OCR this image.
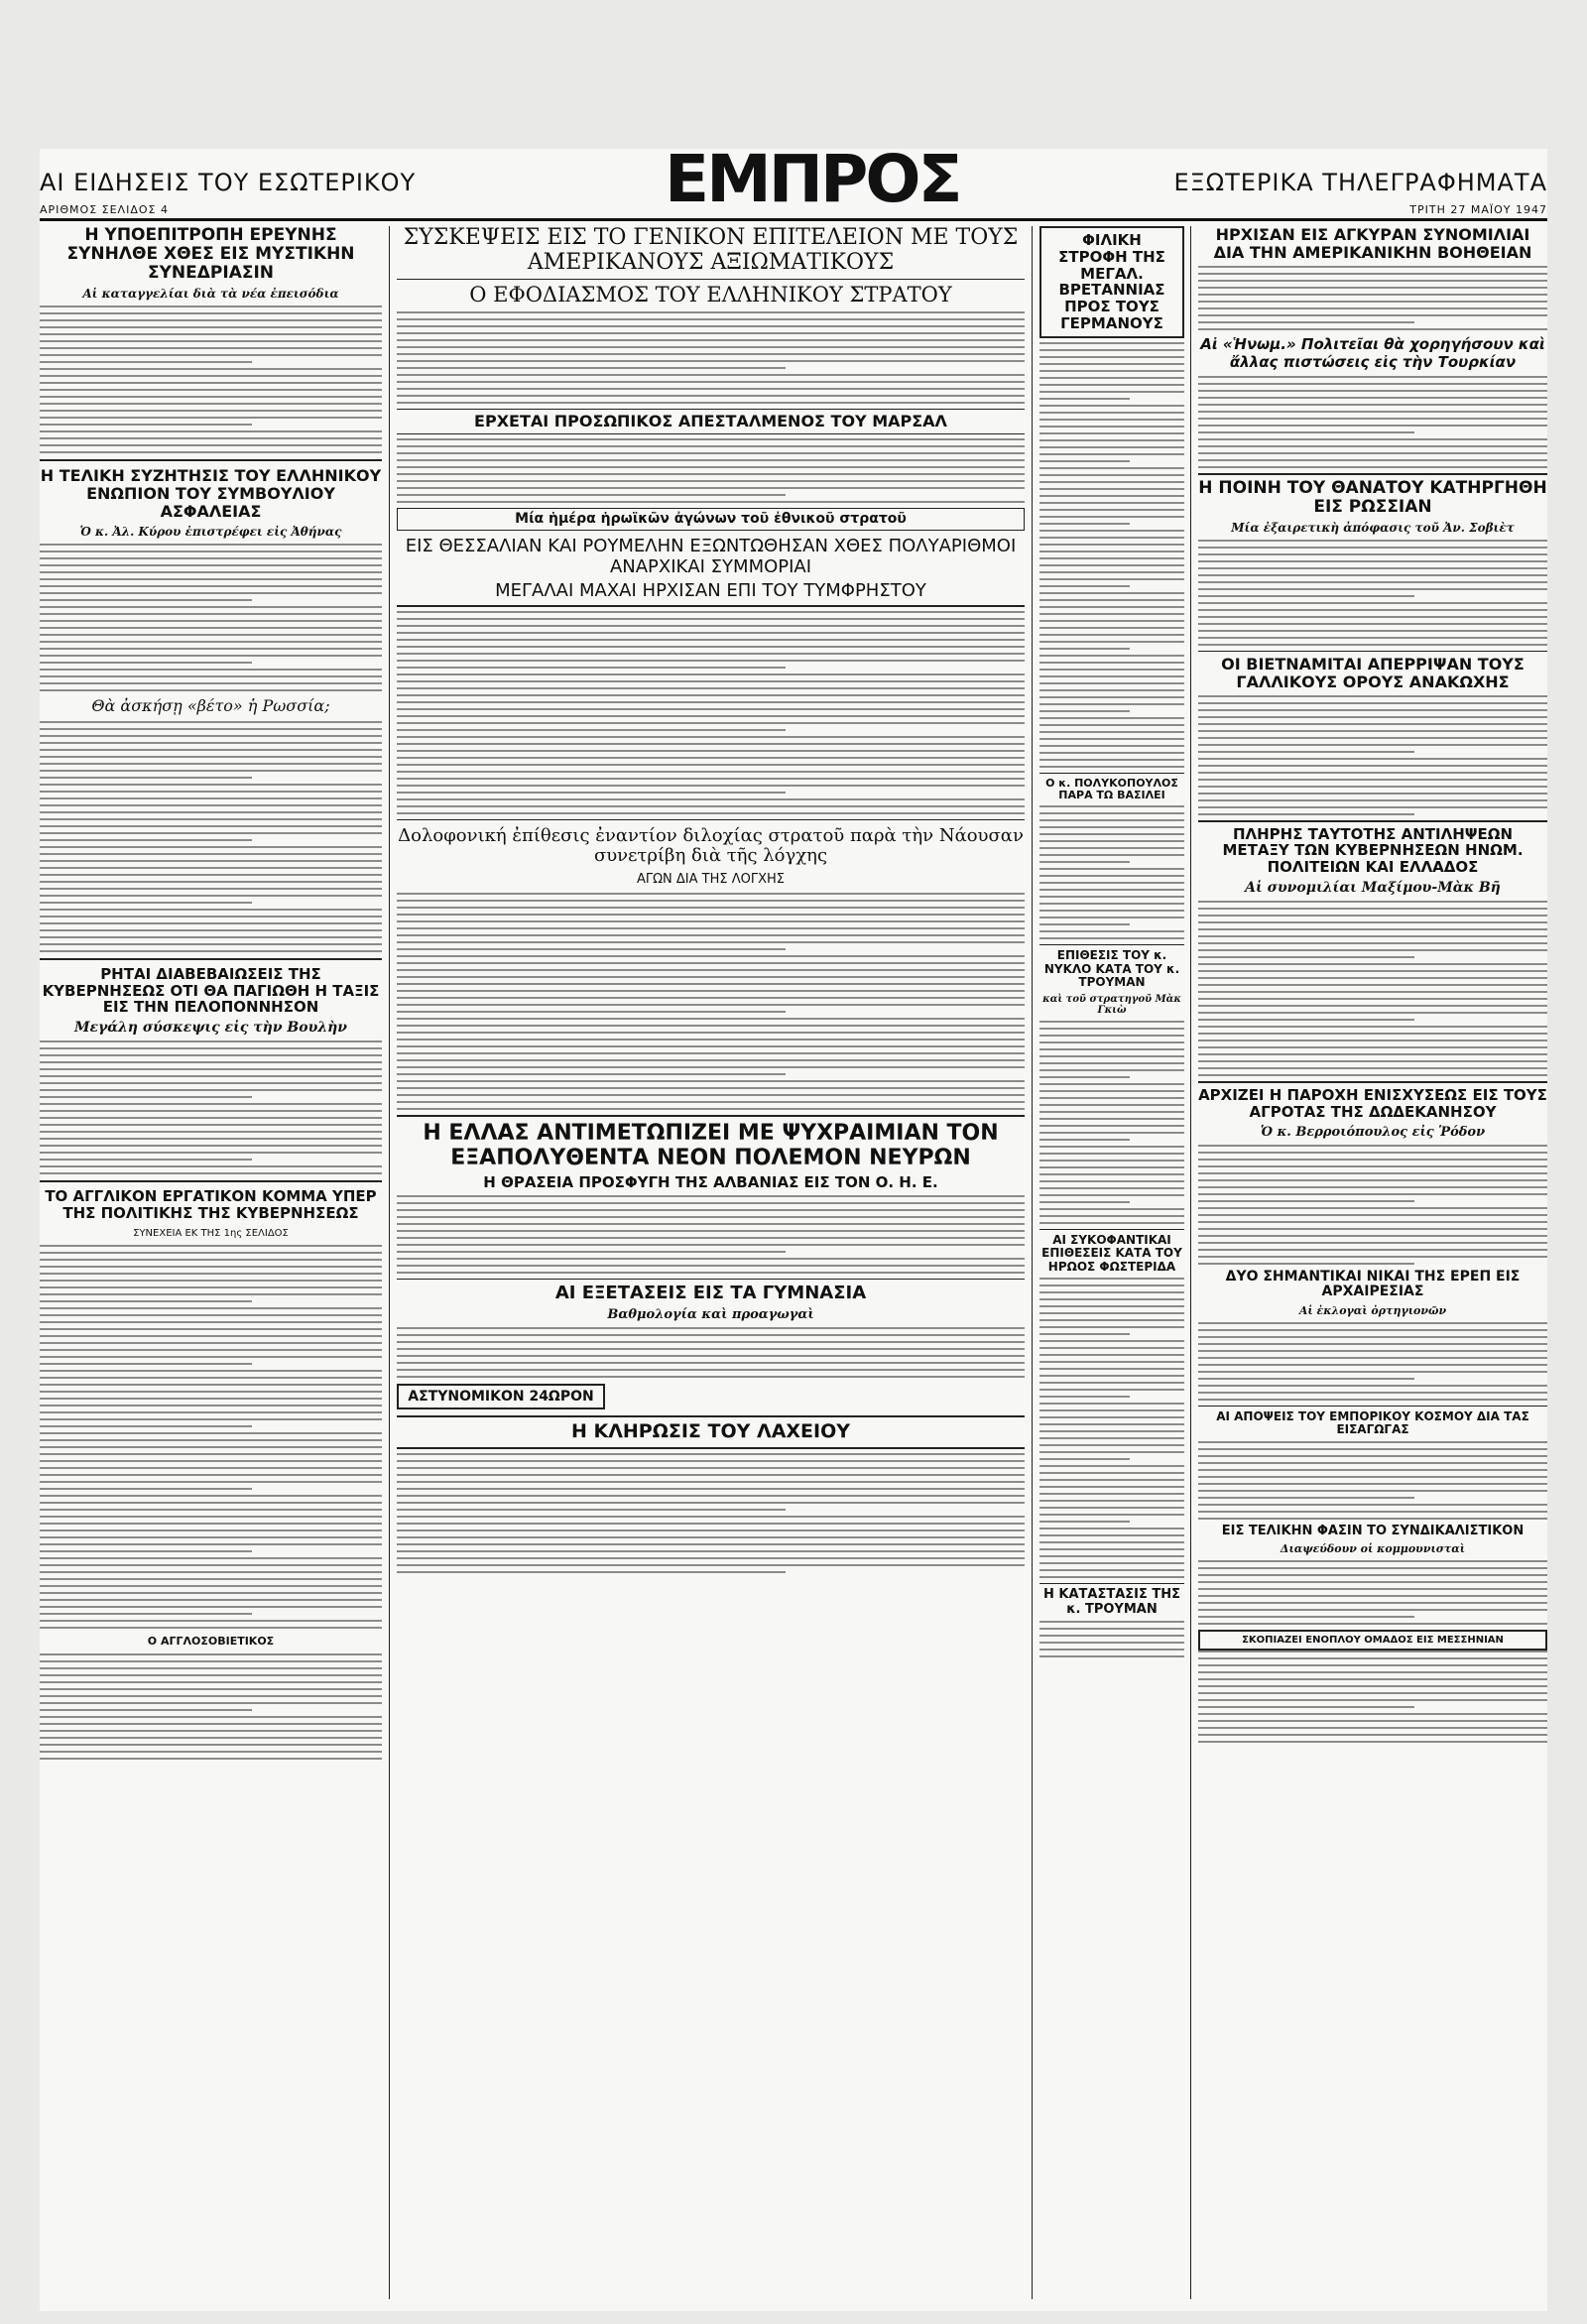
ΑΙ ΕΙΔΗΣΕΙΣ ΤΟΥ ΕΣΩΤΕΡΙΚΟΥ	ΕΜΠΡΟΣ	ΕΞΩΤΕΡΙΚΑ ΤΗΛΕΓΡΑΦΗΜΑΤΑ
ΑΡΙΘΜΟΣ ΣΕΛΙΔΟΣ 4	ΤΡΙΤΗ 27 ΜΑΪΟΥ 1947
Η ΥΠΟΕΠΙΤΡΟΠΗ ΕΡΕΥΝΗΣ ΣΥΝΗΛΘΕ ΧΘΕΣ ΕΙΣ ΜΥΣΤΙΚΗΝ ΣΥΝΕΔΡΙΑΣΙΝ
Αἱ καταγγελίαι διὰ τὰ νέα ἐπεισόδια
Η ΤΕΛΙΚΗ ΣΥΖΗΤΗΣΙΣ ΤΟΥ ΕΛΛΗΝΙΚΟΥ ΕΝΩΠΙΟΝ ΤΟΥ ΣΥΜΒΟΥΛΙΟΥ ΑΣΦΑΛΕΙΑΣ
Ὁ κ. Ἀλ. Κύρου ἐπιστρέφει εἰς Ἀθήνας
Θὰ ἀσκήσῃ «βέτο» ἡ Ρωσσία;
ΡΗΤΑΙ ΔΙΑΒΕΒΑΙΩΣΕΙΣ ΤΗΣ ΚΥΒΕΡΝΗΣΕΩΣ ΟΤΙ ΘΑ ΠΑΓΙΩΘΗ Η ΤΑΞΙΣ ΕΙΣ ΤΗΝ ΠΕΛΟΠΟΝΝΗΣΟΝ
Μεγάλη σύσκεψις εἰς τὴν Βουλὴν
ΤΟ ΑΓΓΛΙΚΟΝ ΕΡΓΑΤΙΚΟΝ ΚΟΜΜΑ ΥΠΕΡ ΤΗΣ ΠΟΛΙΤΙΚΗΣ ΤΗΣ ΚΥΒΕΡΝΗΣΕΩΣ
ΣΥΝΕΧΕΙΑ ΕΚ ΤΗΣ 1ης ΣΕΛΙΔΟΣ
Ο ΑΓΓΛΟΣΟΒΙΕΤΙΚΟΣ
ΣΥΣΚΕΨΕΙΣ ΕΙΣ ΤΟ ΓΕΝΙΚΟΝ ΕΠΙΤΕΛΕΙΟΝ ΜΕ ΤΟΥΣ ΑΜΕΡΙΚΑΝΟΥΣ ΑΞΙΩΜΑΤΙΚΟΥΣ
Ο ΕΦΟΔΙΑΣΜΟΣ ΤΟΥ ΕΛΛΗΝΙΚΟΥ ΣΤΡΑΤΟΥ
ΕΡΧΕΤΑΙ ΠΡΟΣΩΠΙΚΟΣ ΑΠΕΣΤΑΛΜΕΝΟΣ ΤΟΥ ΜΑΡΣΑΛ
Μία ἡμέρα ἡρωϊκῶν ἀγώνων τοῦ ἐθνικοῦ στρατοῦ
ΕΙΣ ΘΕΣΣΑΛΙΑΝ ΚΑΙ ΡΟΥΜΕΛΗΝ ΕΞΩΝΤΩΘΗΣΑΝ ΧΘΕΣ ΠΟΛΥΑΡΙΘΜΟΙ ΑΝΑΡΧΙΚΑΙ ΣΥΜΜΟΡΙΑΙ
ΜΕΓΑΛΑΙ ΜΑΧΑΙ ΗΡΧΙΣΑΝ ΕΠΙ ΤΟΥ ΤΥΜΦΡΗΣΤΟΥ
Δολοφονική ἐπίθεσις ἐναντίον διλοχίας στρατοῦ παρὰ τὴν Νάουσαν συνετρίβη διὰ τῆς λόγχης
ΑΓΩΝ ΔΙΑ ΤΗΣ ΛΟΓΧΗΣ
Η ΕΛΛΑΣ ΑΝΤΙΜΕΤΩΠΙΖΕΙ ΜΕ ΨΥΧΡΑΙΜΙΑΝ ΤΟΝ ΕΞΑΠΟΛΥΘΕΝΤΑ ΝΕΟΝ ΠΟΛΕΜΟΝ ΝΕΥΡΩΝ
Η ΘΡΑΣΕΙΑ ΠΡΟΣΦΥΓΗ ΤΗΣ ΑΛΒΑΝΙΑΣ ΕΙΣ ΤΟΝ Ο. Η. Ε.
ΑΙ ΕΞΕΤΑΣΕΙΣ ΕΙΣ ΤΑ ΓΥΜΝΑΣΙΑ
Βαθμολογία καὶ προαγωγαὶ
ΑΣΤΥΝΟΜΙΚΟΝ 24ΩΡΟΝ
Η ΚΛΗΡΩΣΙΣ ΤΟΥ ΛΑΧΕΙΟΥ
ΦΙΛΙΚΗ ΣΤΡΟΦΗ ΤΗΣ ΜΕΓΑΛ. ΒΡΕΤΑΝΝΙΑΣ ΠΡΟΣ ΤΟΥΣ ΓΕΡΜΑΝΟΥΣ
Ο κ. ΠΟΛΥΚΟΠΟΥΛΟΣ ΠΑΡΑ ΤΩ ΒΑΣΙΛΕΙ
ΕΠΙΘΕΣΙΣ ΤΟΥ κ. ΝΥΚΛΟ ΚΑΤΑ ΤΟΥ κ. ΤΡΟΥΜΑΝ
καὶ τοῦ στρατηγοῦ Μὰκ Γκιὼ
ΑΙ ΣΥΚΟΦΑΝΤΙΚΑΙ ΕΠΙΘΕΣΕΙΣ ΚΑΤΑ ΤΟΥ ΗΡΩΟΣ ΦΩΣΤΕΡΙΔΑ
Η ΚΑΤΑΣΤΑΣΙΣ ΤΗΣ κ. ΤΡΟΥΜΑΝ
ΗΡΧΙΣΑΝ ΕΙΣ ΑΓΚΥΡΑΝ ΣΥΝΟΜΙΛΙΑΙ ΔΙΑ ΤΗΝ ΑΜΕΡΙΚΑΝΙΚΗΝ ΒΟΗΘΕΙΑΝ
Αἱ «Ἡνωμ.» Πολιτεῖαι θὰ χορηγήσουν καὶ ἄλλας πιστώσεις εἰς τὴν Τουρκίαν
Η ΠΟΙΝΗ ΤΟΥ ΘΑΝΑΤΟΥ ΚΑΤΗΡΓΗΘΗ ΕΙΣ ΡΩΣΣΙΑΝ
Μία ἐξαιρετικὴ ἀπόφασις τοῦ Ἀν. Σοβιὲτ
ΟΙ ΒΙΕΤΝΑΜΙΤΑΙ ΑΠΕΡΡΙΨΑΝ ΤΟΥΣ ΓΑΛΛΙΚΟΥΣ ΟΡΟΥΣ ΑΝΑΚΩΧΗΣ
ΠΛΗΡΗΣ ΤΑΥΤΟΤΗΣ ΑΝΤΙΛΗΨΕΩΝ ΜΕΤΑΞΥ ΤΩΝ ΚΥΒΕΡΝΗΣΕΩΝ ΗΝΩΜ. ΠΟΛΙΤΕΙΩΝ ΚΑΙ ΕΛΛΑΔΟΣ
Αἱ συνομιλίαι Μαξίμου-Μὰκ Βῆ
ΑΡΧΙΖΕΙ Η ΠΑΡΟΧΗ ΕΝΙΣΧΥΣΕΩΣ ΕΙΣ ΤΟΥΣ ΑΓΡΟΤΑΣ ΤΗΣ ΔΩΔΕΚΑΝΗΣΟΥ
Ὁ κ. Βερροιόπουλος εἰς Ῥόδον
ΔΥΟ ΣΗΜΑΝΤΙΚΑΙ ΝΙΚΑΙ ΤΗΣ ΕΡΕΠ ΕΙΣ ΑΡΧΑΙΡΕΣΙΑΣ
Αἱ ἐκλογαὶ ὀρτηγιονῶν
ΑΙ ΑΠΟΨΕΙΣ ΤΟΥ ΕΜΠΟΡΙΚΟΥ ΚΟΣΜΟΥ ΔΙΑ ΤΑΣ ΕΙΣΑΓΩΓΑΣ
ΕΙΣ ΤΕΛΙΚΗΝ ΦΑΣΙΝ ΤΟ ΣΥΝΔΙΚΑΛΙΣΤΙΚΟΝ
Διαψεύδουν οἱ κομμουνισταὶ
ΣΚΟΠΙΑΖΕΙ ΕΝΟΠΛΟΥ ΟΜΑΔΟΣ ΕΙΣ ΜΕΣΣΗΝΙΑΝ
